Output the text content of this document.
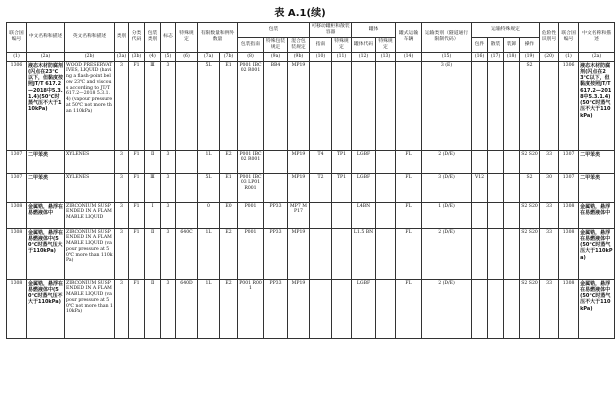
表 A.1(续)
联合国编号	中文名称和描述	英文名称和描述	类别	分类代码	包装类别	标志	特殊规定	有限数量和例外数量		包装			可移动罐柜和散装容器		罐体		罐式运输车辆	运输类别（隧道通行限制代码）	运输特殊规定				危险性识别号	联合国编号	中文名称和描述
										包装指南	特殊包装规定	混合包装规定	指南	特殊规定	罐体代码	特殊规定			包件	散装	装卸	操作			
(1)	(2a)	(2b)	(3a)	(3b)	(4)	(5)	(6)	(7a)	(7b)	(8)	(9a)	(9b)	(10)	(11)	(12)	(13)	(14)	(15)	(16)	(17)	(18)	(19)	(20)	(1)	(2a)
1306	液态木材防腐剂(闪点在23℃以下，但黏度按照JT/T 617.2—2018中5.3.1.4)(50℃时蒸气压不大于110kPa)	WOOD PRESERVATIVES, LIQUID (having a flash-point below 23℃ and viscous according to JT/T 617.2—2018 5.3.1.4) (vapour pressure at 50℃ not more than 110kPa)	3	F1	Ⅲ	3		5L	E1	P001 IBC02 R001	BB4	MP19						3 (E)				S2		1306	液态木材防腐剂(闪点在23℃以下，但黏度按照JT/T 617.2—2018中5.3.1.4)(50℃时蒸气压不大于110kPa)
1307	二甲苯类	XYLENES	3	F1	Ⅱ	3		1L	E2	P001 IBC02 R001		MP19	T4	TP1	LGBF		FL	2 (D/E)				S2 S20	33	1307	二甲苯类
1307	二甲苯类	XYLENES	3	F1	Ⅲ	3		5L	E1	P001 IBC03 LP01 R001		MP19	T2	TP1	LGBF		FL	3 (D/E)	V12			S2	30	1307	二甲苯类
1308	金属锆，悬浮在易燃液体中	ZIRCONIUM SUSPENDED IN A FLAMMABLE LIQUID	3	F1	Ⅰ	3		0	E0	P001	PP33	MP7 MP17			L4BN		FL	1 (D/E)				S2 S20	33	1308	金属锆，悬浮在易燃液体中
1308	金属锆，悬浮在易燃液体中(50℃时蒸气压大于110kPa)	ZIRCONIUM SUSPENDED IN A FLAMMABLE LIQUID (vapour pressure at 50℃ more than 110kPa)	3	F1	Ⅱ	3	640C	1L	E2	P001	PP33	MP19			L1.5 BN		FL	2 (D/E)				S2 S20	33	1308	金属锆，悬浮在易燃液体中(50℃时蒸气压大于110kPa)
1308	金属锆，悬浮在易燃液体中(50℃时蒸气压不大于110kPa)	ZIRCONIUM SUSPENDED IN A FLAMMABLE LIQUID (vapour pressure at 50℃ not more than 110kPa)	3	F1	Ⅱ	3	640D	1L	E2	P001 R001	PP33	MP19			LGBF		FL	2 (D/E)				S2 S20	33	1308	金属锆，悬浮在易燃液体中(50℃时蒸气压不大于110kPa)
